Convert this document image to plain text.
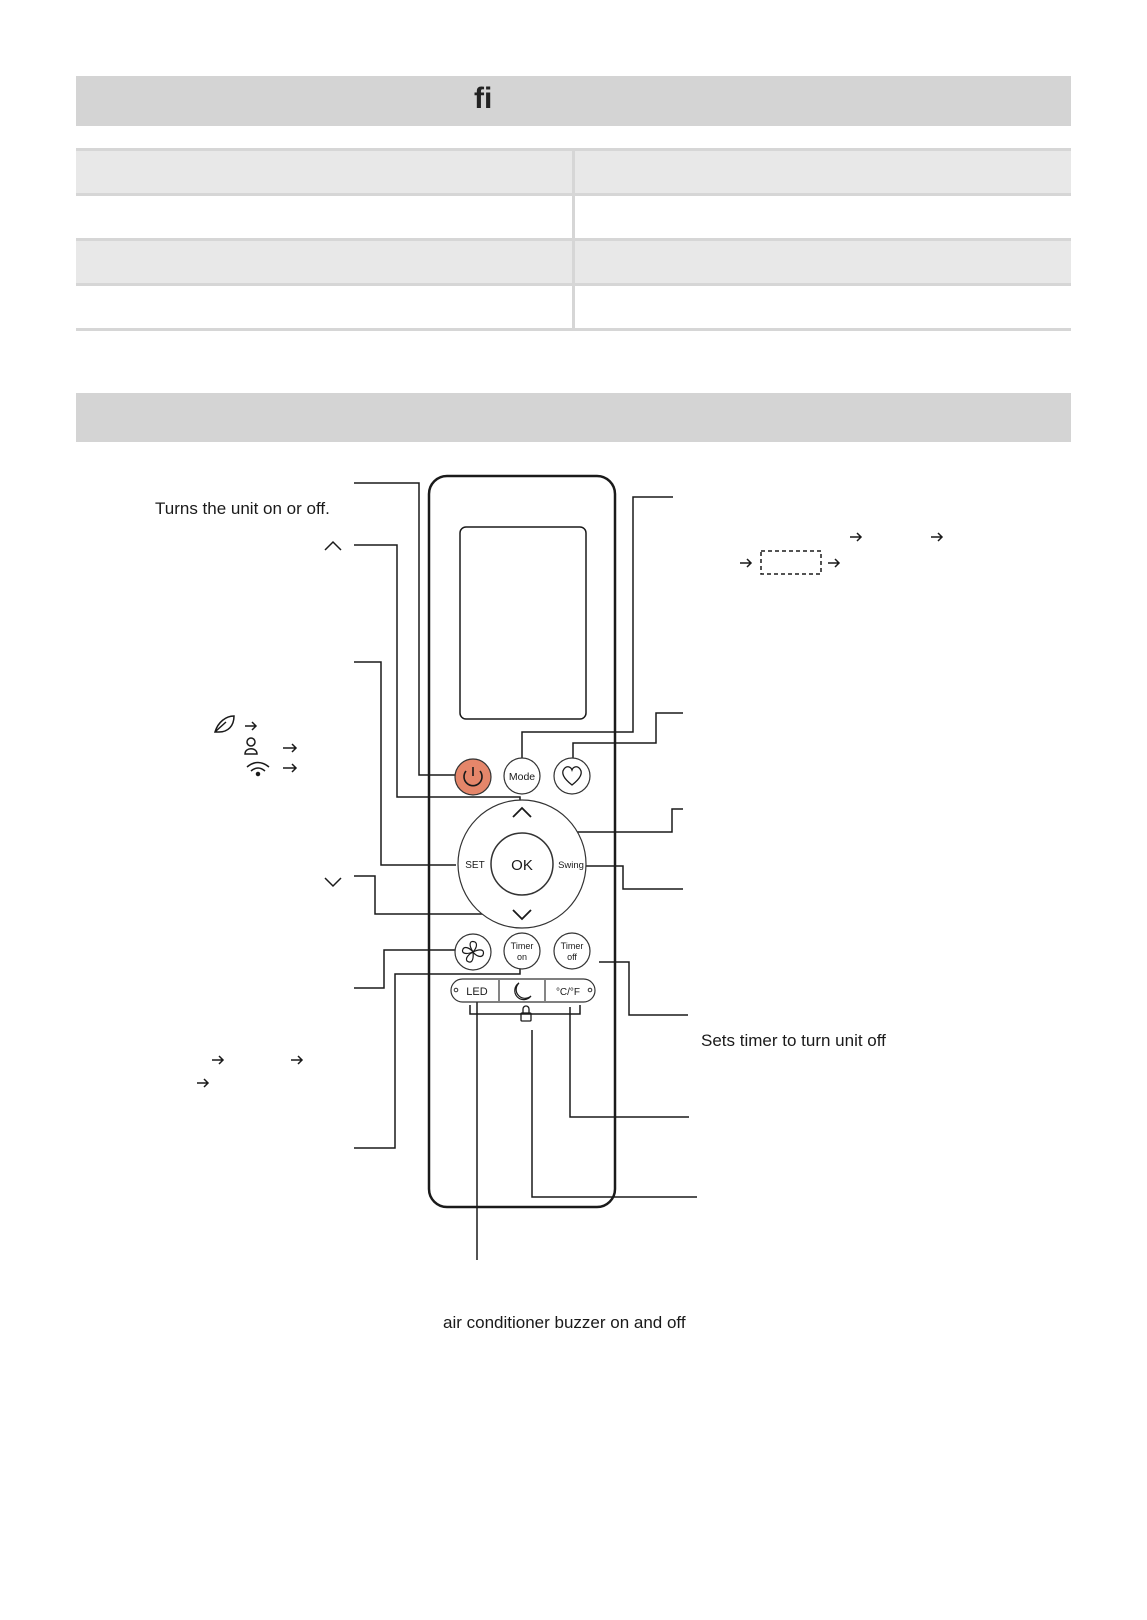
fi
Mode
OK
SET	Swing
Timer
on
Timer
off
LED	°C/°F
Turns the unit on or off.
Sets timer to turn unit off
air conditioner buzzer on and off
